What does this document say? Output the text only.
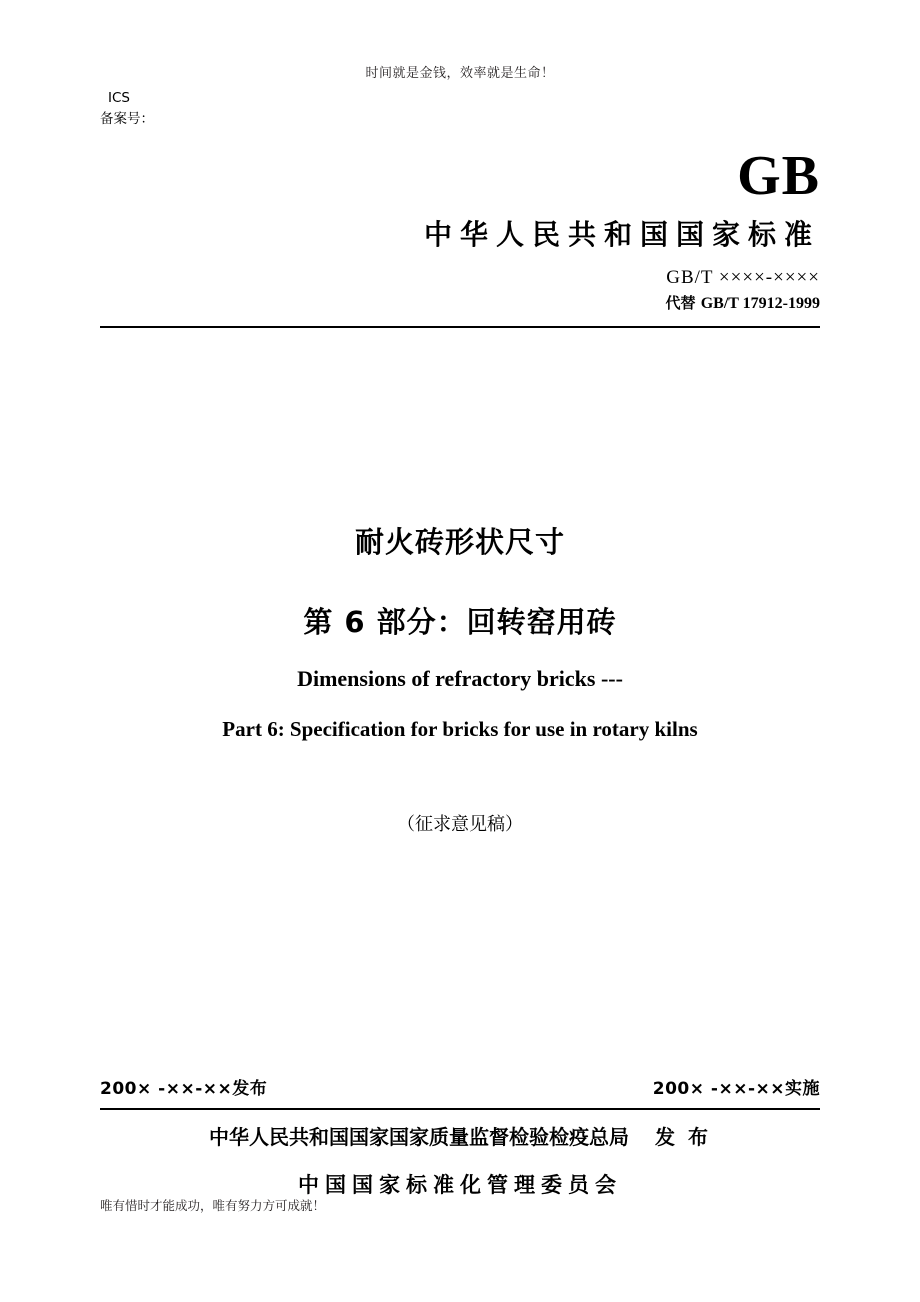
时间就是金钱，效率就是生命！
ICS
备案号：
GB
中华人民共和国国家标准
GB/T ××××-××××
代替 GB/T 17912-1999
耐火砖形状尺寸
第 6 部分：回转窑用砖
Dimensions of refractory bricks ---
Part 6: Specification for bricks for use in rotary kilns
（征求意见稿）
200× -××-××发布	200× -××-××实施
中华人民共和国国家国家质量监督检验检疫总局 发 布
中国国家标准化管理委员会
唯有惜时才能成功，唯有努力方可成就！
